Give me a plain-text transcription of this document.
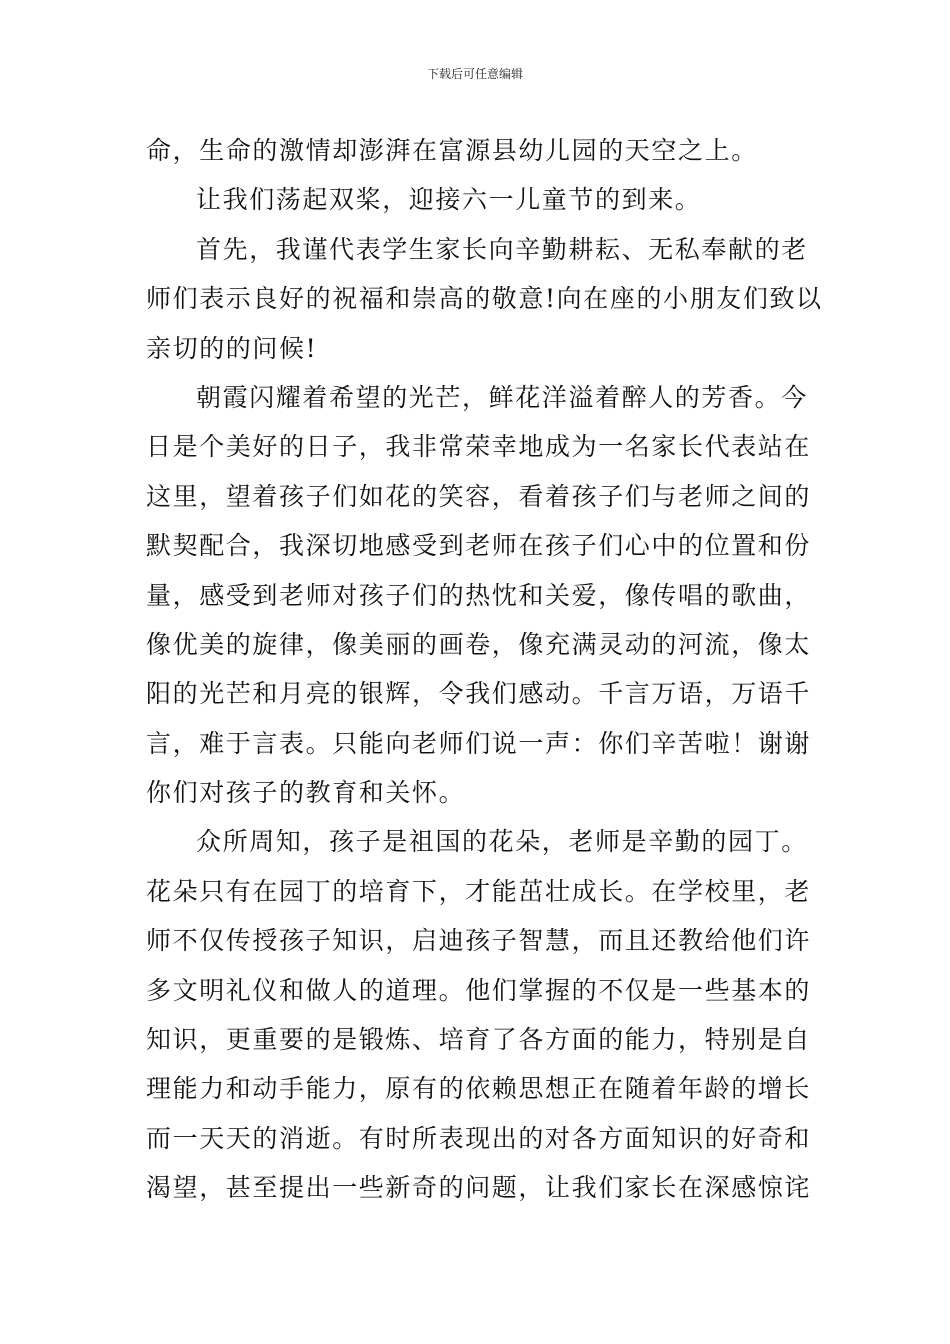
下载后可任意编辑
命，生命的激情却澎湃在富源县幼儿园的天空之上。
让我们荡起双桨，迎接六一儿童节的到来。
首先，我谨代表学生家长向辛勤耕耘、无私奉献的老
师们表示良好的祝福和崇高的敬意!向在座的小朋友们致以
亲切的的问候!
朝霞闪耀着希望的光芒，鲜花洋溢着醉人的芳香。今
日是个美好的日子，我非常荣幸地成为一名家长代表站在
这里，望着孩子们如花的笑容，看着孩子们与老师之间的
默契配合，我深切地感受到老师在孩子们心中的位置和份
量，感受到老师对孩子们的热忱和关爱，像传唱的歌曲，
像优美的旋律，像美丽的画卷，像充满灵动的河流，像太
阳的光芒和月亮的银辉，令我们感动。千言万语，万语千
言，难于言表。只能向老师们说一声：你们辛苦啦！谢谢
你们对孩子的教育和关怀。
众所周知，孩子是祖国的花朵，老师是辛勤的园丁。
花朵只有在园丁的培育下，才能茁壮成长。在学校里，老
师不仅传授孩子知识，启迪孩子智慧，而且还教给他们许
多文明礼仪和做人的道理。他们掌握的不仅是一些基本的
知识，更重要的是锻炼、培育了各方面的能力，特别是自
理能力和动手能力，原有的依赖思想正在随着年龄的增长
而一天天的消逝。有时所表现出的对各方面知识的好奇和
渴望，甚至提出一些新奇的问题，让我们家长在深感惊诧
